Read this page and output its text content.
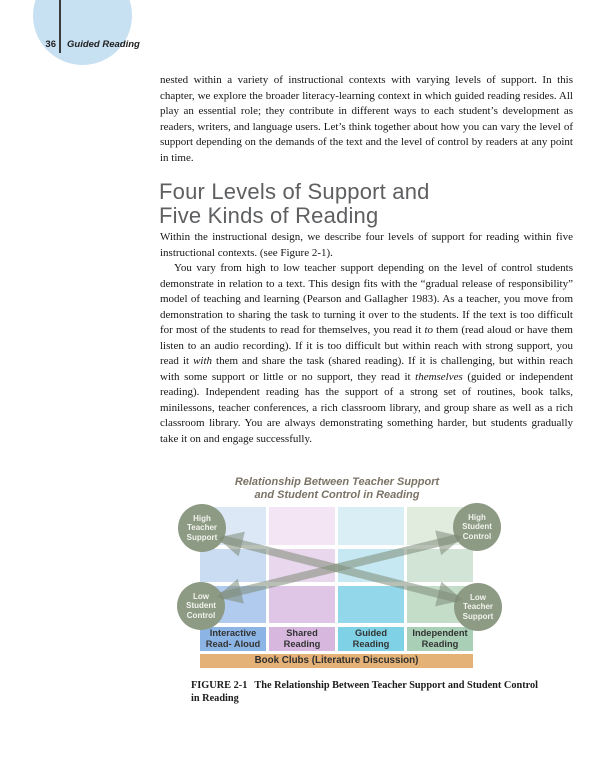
36 Guided Reading
nested within a variety of instructional contexts with varying levels of support. In this chapter, we explore the broader literacy-learning context in which guided reading resides. All play an essential role; they contribute in different ways to each student’s development as readers, writers, and language users. Let’s think together about how you can vary the level of support depending on the demands of the text and the level of control by readers at any point in time.
Four Levels of Support and
Five Kinds of Reading
Within the instructional design, we describe four levels of support for reading within five instructional contexts. (see Figure 2-1).
You vary from high to low teacher support depending on the level of control students demonstrate in relation to a text. This design fits with the “gradual release of responsibility” model of teaching and learning (Pearson and Gallagher 1983). As a teacher, you move from demonstration to sharing the task to turning it over to the students. If the text is too difficult for most of the students to read for themselves, you read it to them (read aloud or have them listen to an audio recording). If it is too difficult but within reach with strong support, you read it with them and share the task (shared reading). If it is challenging, but within reach with some support or little or no support, they read it themselves (guided or independent reading). Independent reading has the support of a strong set of routines, book talks, minilessons, teacher conferences, a rich classroom library, and group share as well as a rich classroom library. You are always demonstrating something harder, but students gradually take it on and engage successfully.
Relationship Between Teacher Support
and Student Control in Reading
Interactive
Read- Aloud
Shared
Reading
Guided
Reading
Independent
Reading
Book Clubs (Literature Discussion)
High
Teacher
Support
High
Student
Control
Low
Student
Control
Low
Teacher
Support
FIGURE 2-1 The Relationship Between Teacher Support and Student Control in Reading
